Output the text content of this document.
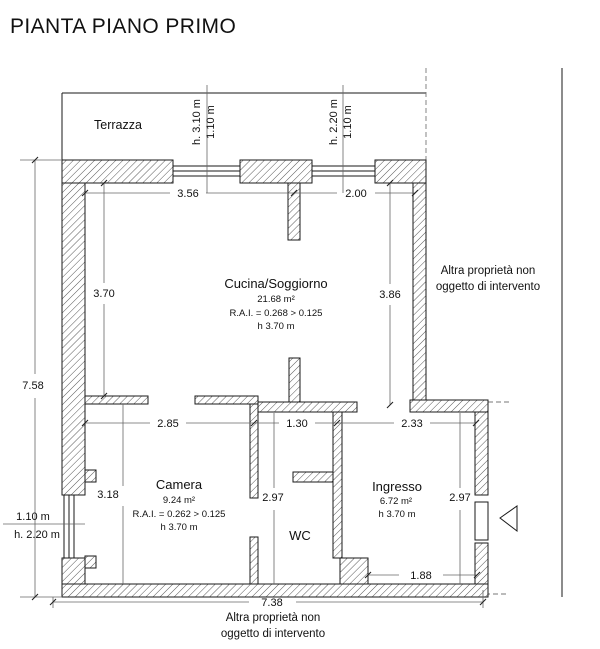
PIANTA PIANO PRIMO
Terrazza
3.56	2.00
1.10 m
h. 3.10 m	1.10 m
h. 2.20 m
7.58
3.70	3.86
2.85	1.30	2.33
3.18	2.97	2.97
1.10 m
h. 2.20 m
1.88
7.38
Cucina/Soggiorno
21.68 m²
R.A.I. = 0.268 > 0.125
h 3.70 m
Camera
9.24 m²
R.A.I. = 0.262 > 0.125
h 3.70 m
WC
Ingresso
6.72 m²
h 3.70 m
Altra proprietà non
oggetto di intervento
Altra proprietà non
oggetto di intervento
